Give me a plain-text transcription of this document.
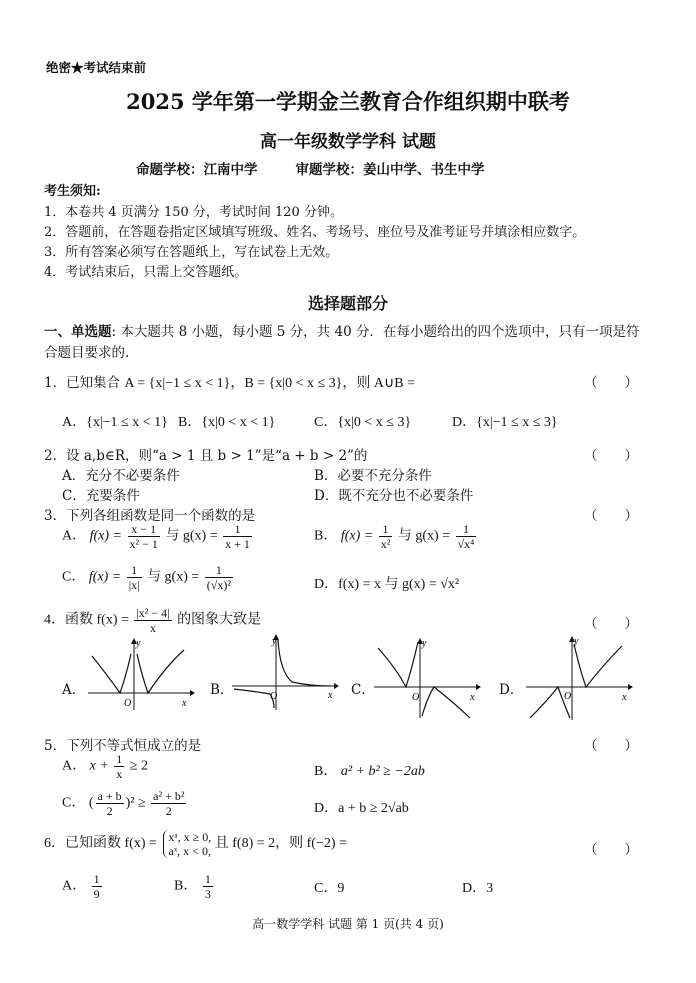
绝密★考试结束前
2025 学年第一学期金兰教育合作组织期中联考
高一年级数学学科 试题
命题学校：江南中学	审题学校：姜山中学、书生中学
考生须知:
1．本卷共 4 页满分 150 分，考试时间 120 分钟。
2．答题前，在答题卷指定区域填写班级、姓名、考场号、座位号及准考证号并填涂相应数字。
3．所有答案必须写在答题纸上，写在试卷上无效。
4．考试结束后，只需上交答题纸。
选择题部分
一、单选题: 本大题共 8 小题，每小题 5 分，共 40 分．在每小题给出的四个选项中，只有一项是符合题目要求的.
1．已知集合 A = {x|−1 ≤ x < 1}，B = {x|0 < x ≤ 3}，则 A∪B =	（　　）
A．{x|−1 ≤ x < 1} B．{x|0 < x < 1}	C．{x|0 < x ≤ 3}	D．{x|−1 ≤ x ≤ 3}
2．设 a,b∈R，则“a > 1 且 b > 1”是“a + b > 2”的	（　　）
A．充分不必要条件	B．必要不充分条件
C．充要条件	D．既不充分也不必要条件
3．下列各组函数是同一个函数的是	（　　）
A． $f(x) = \frac{x - 1}{\text{x² − 1}}$ 与 $g(x) = \frac{1}{x + 1}$	B． $f(x) = \frac{1}{\text{x²}}$ 与 $g(x) = \frac{1}{\text{√x⁴}}$
C． $f(x) = \frac{1}{|x|}$ 与 $g(x) = \frac{1}{\text{(√x)²}}$	D．f(x) = x 与 g(x) = √x²
4．函数 $f(x) = \frac{\text{|x² − 4|}}{x}$ 的图象大致是	（　　）
A．	B．	C．	D．
y
O	x
y
O	x
y
O	x
y
O	x
5．下列不等式恒成立的是	（　　）
A． $x + \frac{1}{x} \ge 2$	B． a² + b² ≥ −2ab
C． ( $\frac{a + b}{2} )^2 \ge \frac{\text{a² + b²}}{2}$	D．a + b ≥ 2√ab
6．已知函数 f(x) = xᵃ, x ≥ 0,
aˣ, x < 0, 且 f(8) = 2，则 f(−2) =	（　　）
A． $\frac{1}{9}$	B． $\frac{1}{3}$	C．9	D．3
高一数学学科 试题 第 1 页(共 4 页)
